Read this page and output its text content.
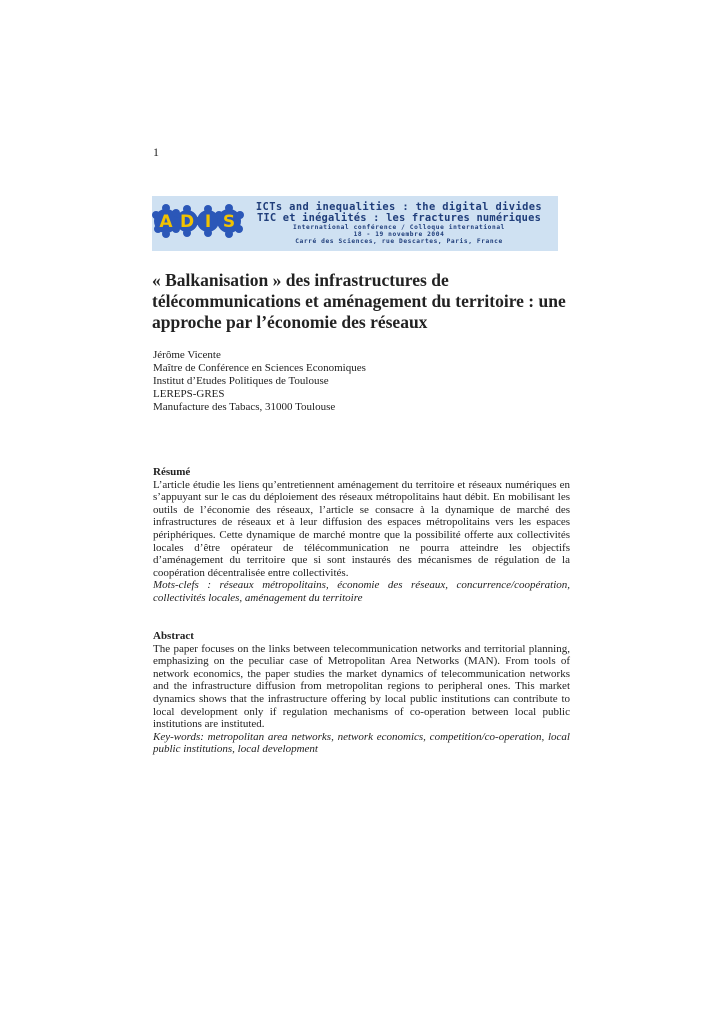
1
A D I S
ICTs and inequalities : the digital divides
TIC et inégalités : les fractures numériques
International conférence / Colloque international
18 - 19 novembre 2004
Carré des Sciences, rue Descartes, Paris, France
« Balkanisation » des infrastructures de télécommunications et aménagement du territoire : une approche par l’économie des réseaux
Jérôme Vicente
Maître de Conférence en Sciences Economiques
Institut d’Etudes Politiques de Toulouse
LEREPS-GRES
Manufacture des Tabacs, 31000 Toulouse

Résumé

L’article étudie les liens qu’entretiennent aménagement du territoire et réseaux numériques en s’appuyant sur le cas du déploiement des réseaux métropolitains haut débit. En mobilisant les outils de l’économie des réseaux, l’article se consacre à la dynamique de marché des infrastructures de réseaux et à leur diffusion des espaces métropolitains vers les espaces périphériques. Cette dynamique de marché montre que la possibilité offerte aux collectivités locales d’être opérateur de télécommunication ne pourra atteindre les objectifs d’aménagement du territoire que si sont instaurés des mécanismes de régulation de la coopération décentralisée entre collectivités.

Mots-clefs : réseaux métropolitains, économie des réseaux, concurrence/coopération, collectivités locales, aménagement du territoire

Abstract

The paper focuses on the links between telecommunication networks and territorial planning, emphasizing on the peculiar case of Metropolitan Area Networks (MAN). From tools of network economics, the paper studies the market dynamics of telecommunication networks and the infrastructure diffusion from metropolitan regions to peripheral ones. This market dynamics shows that the infrastructure offering by local public institutions can contribute to local development only if regulation mechanisms of co-operation between local public institutions are instituted.

Key-words: metropolitan area networks, network economics, competition/co-operation, local public institutions, local development
